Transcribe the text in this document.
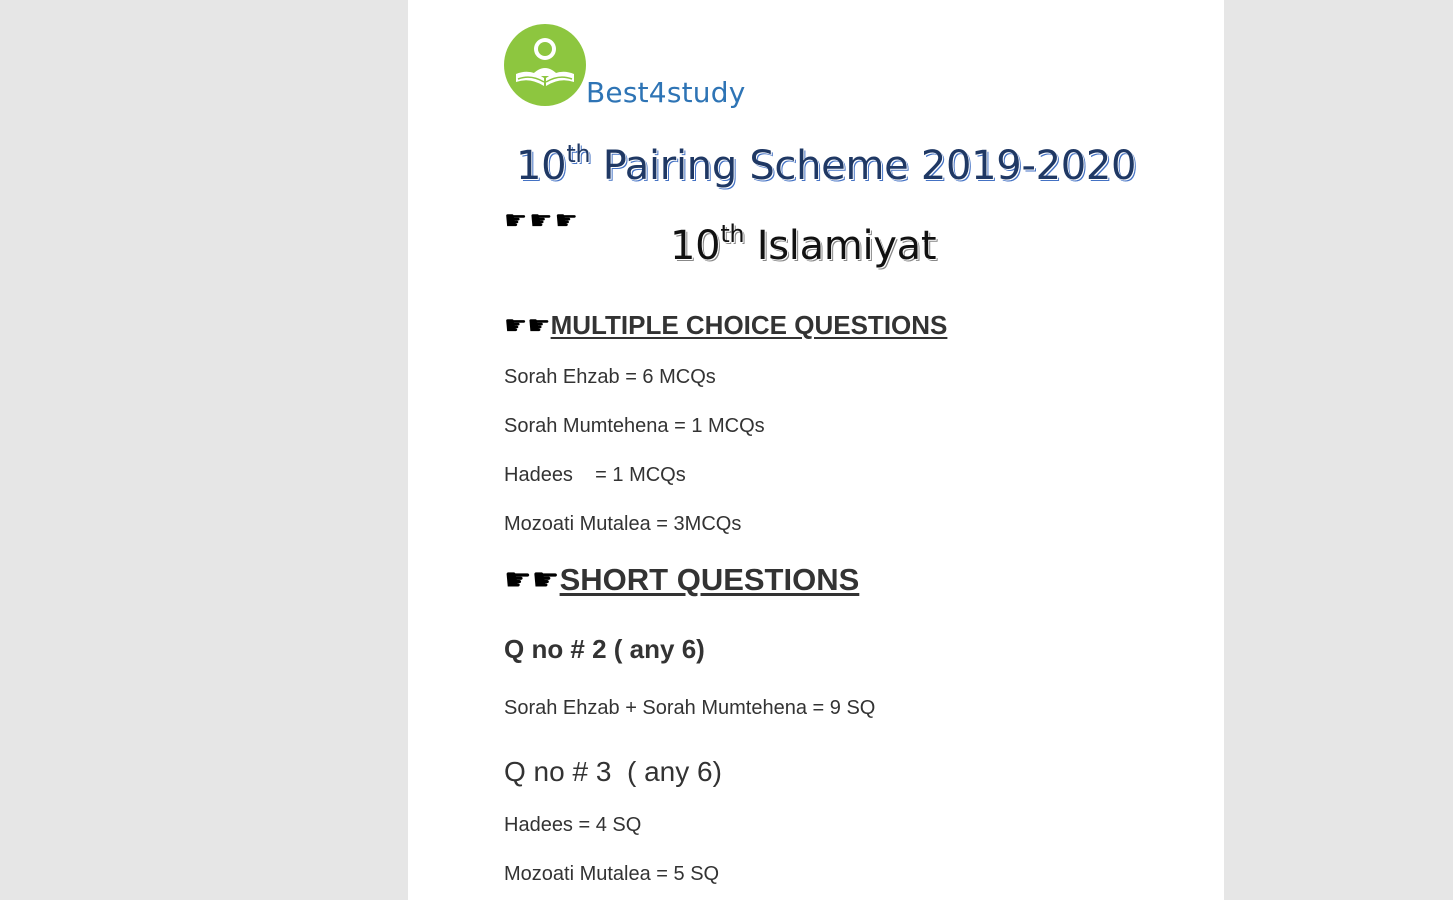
Best4study
10th Pairing Scheme 2019-2020
☛☛☛
10th Islamiyat
☛☛MULTIPLE CHOICE QUESTIONS
Sorah Ehzab = 6 MCQs
Sorah Mumtehena = 1 MCQs
Hadees    = 1 MCQs
Mozoati Mutalea = 3MCQs
☛☛SHORT QUESTIONS
Q no # 2 ( any 6)
Sorah Ehzab + Sorah Mumtehena = 9 SQ
Q no # 3  ( any 6)
Hadees = 4 SQ
Mozoati Mutalea = 5 SQ
